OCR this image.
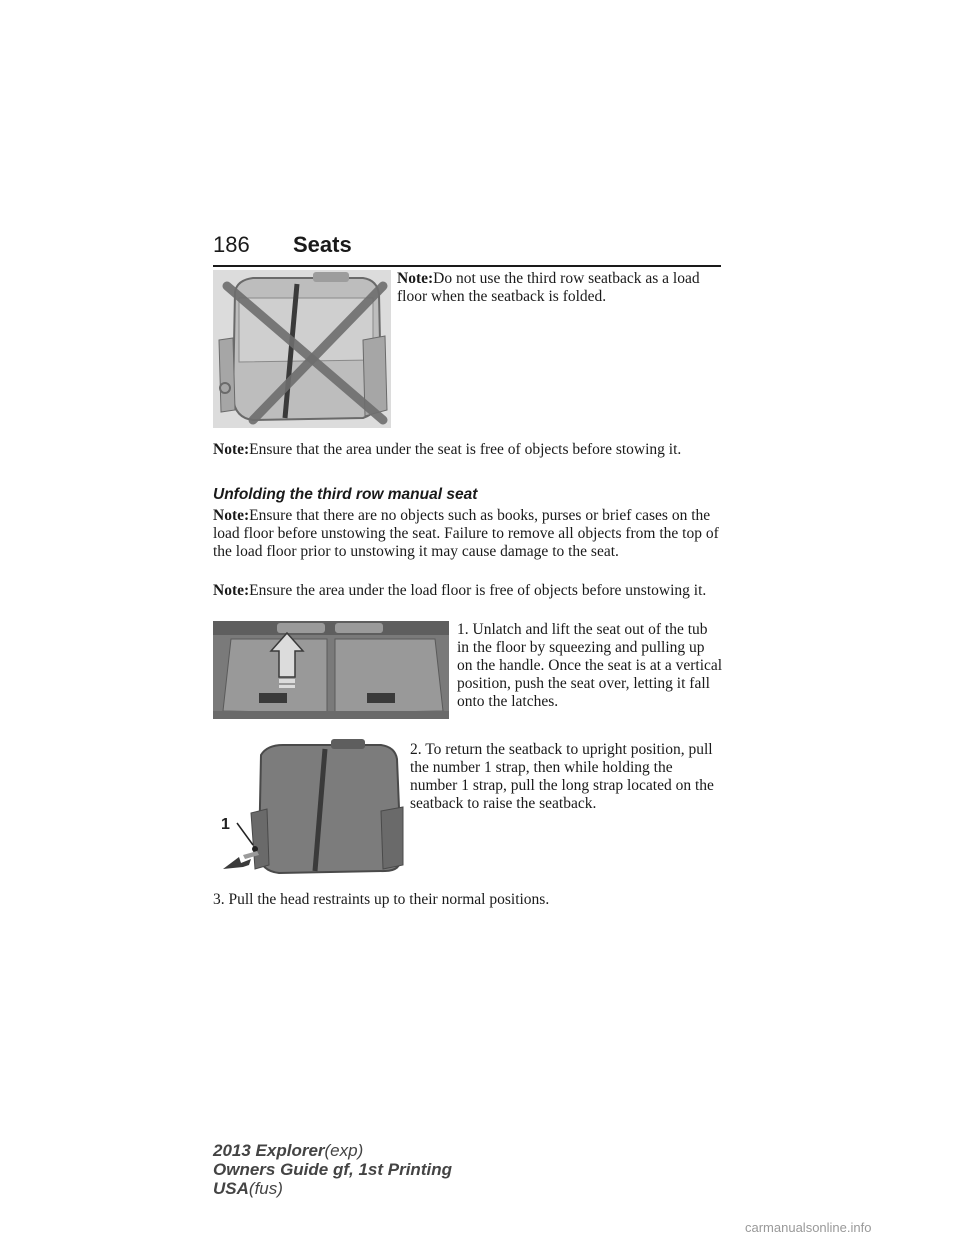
186 Seats

Note:Do not use the third row seatback as a load floor when the seatback is folded.

Note:Ensure that the area under the seat is free of objects before stowing it.

Unfolding the third row manual seat

Note:Ensure that there are no objects such as books, purses or brief cases on the load floor before unstowing the seat. Failure to remove all objects from the top of the load floor prior to unstowing it may cause damage to the seat.

Note:Ensure the area under the load floor is free of objects before unstowing it.

1. Unlatch and lift the seat out of the tub in the floor by squeezing and pulling up on the handle. Once the seat is at a vertical position, push the seat over, letting it fall onto the latches.

1

2. To return the seatback to upright position, pull the number 1 strap, then while holding the number 1 strap, pull the long strap located on the seatback to raise the seatback.

3. Pull the head restraints up to their normal positions.

2013 Explorer(exp)
Owners Guide gf, 1st Printing
USA(fus)
carmanualsonline.info
